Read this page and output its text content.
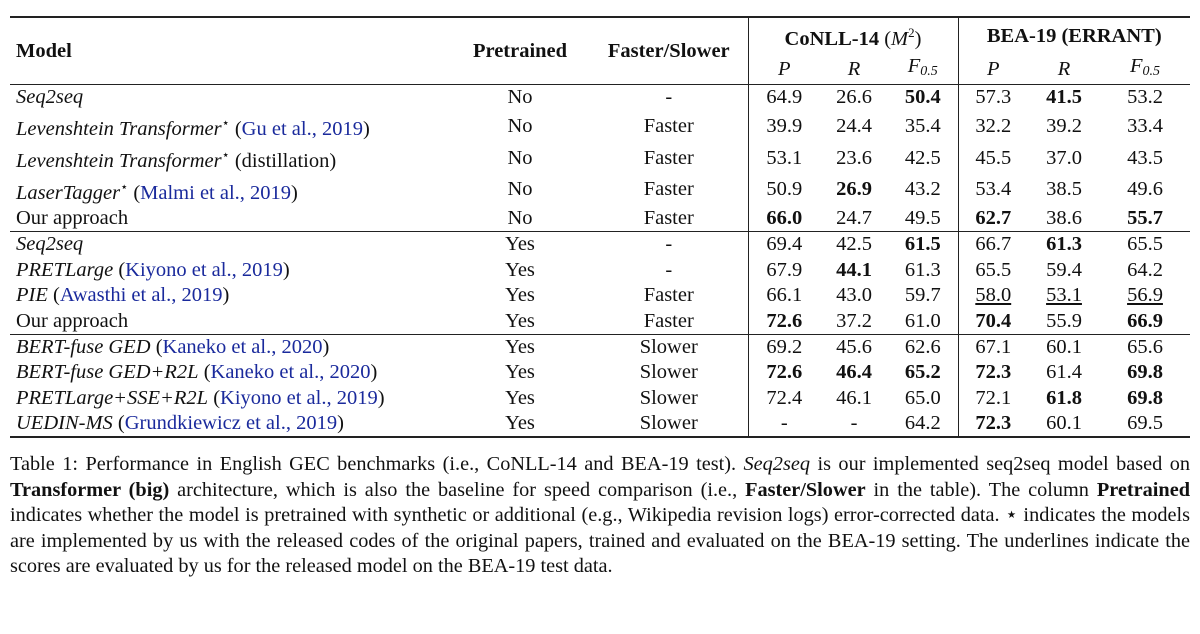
Model	Pretrained	Faster/Slower	CoNLL-14 $(M^2)$			BEA-19 (ERRANT)		
			P	R	$F_{0.5}$	P	R	$F_{0.5}$
Seq2seq	No	-	64.9	26.6	50.4	57.3	41.5	53.2
Levenshtein Transformer⋆ (Gu et al., 2019)	No	Faster	39.9	24.4	35.4	32.2	39.2	33.4
Levenshtein Transformer⋆ (distillation)	No	Faster	53.1	23.6	42.5	45.5	37.0	43.5
LaserTagger⋆ (Malmi et al., 2019)	No	Faster	50.9	26.9	43.2	53.4	38.5	49.6
Our approach	No	Faster	66.0	24.7	49.5	62.7	38.6	55.7
Seq2seq	Yes	-	69.4	42.5	61.5	66.7	61.3	65.5
PRETLarge (Kiyono et al., 2019)	Yes	-	67.9	44.1	61.3	65.5	59.4	64.2
PIE (Awasthi et al., 2019)	Yes	Faster	66.1	43.0	59.7	58.0	53.1	56.9
Our approach	Yes	Faster	72.6	37.2	61.0	70.4	55.9	66.9
BERT-fuse GED (Kaneko et al., 2020)	Yes	Slower	69.2	45.6	62.6	67.1	60.1	65.6
BERT-fuse GED+R2L (Kaneko et al., 2020)	Yes	Slower	72.6	46.4	65.2	72.3	61.4	69.8
PRETLarge+SSE+R2L (Kiyono et al., 2019)	Yes	Slower	72.4	46.1	65.0	72.1	61.8	69.8
UEDIN-MS (Grundkiewicz et al., 2019)	Yes	Slower	-	-	64.2	72.3	60.1	69.5
Table 1: Performance in English GEC benchmarks (i.e., CoNLL-14 and BEA-19 test). Seq2seq is our implemented seq2seq model based on Transformer (big) architecture, which is also the baseline for speed comparison (i.e., Faster/Slower in the table). The column Pretrained indicates whether the model is pretrained with synthetic or additional (e.g., Wikipedia revision logs) error-corrected data. ⋆ indicates the models are implemented by us with the released codes of the original papers, trained and evaluated on the BEA-19 setting. The underlines indicate the scores are evaluated by us for the released model on the BEA-19 test data.
